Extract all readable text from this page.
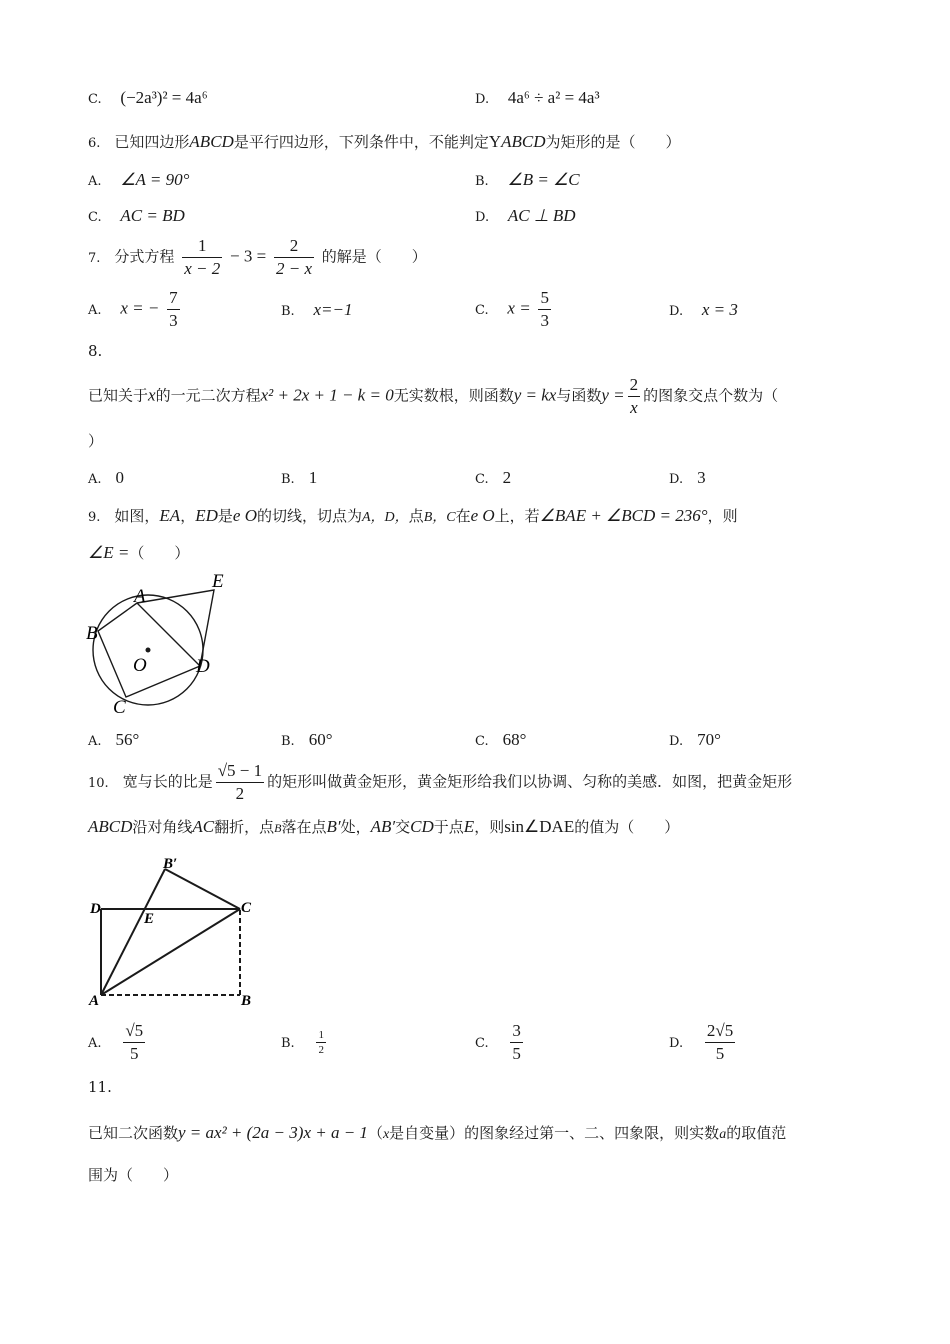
C. (−2a³)² = 4a⁶	D. 4a⁶ ÷ a² = 4a³
6. 已知四边形ABCD是平行四边形，下列条件中，不能判定YABCD为矩形的是（　　）
A. ∠A = 90°	B. ∠B = ∠C
C. AC = BD	D. AC ⊥ BD
7. 分式方程 $\frac{1}{x - 2} - 3 = \frac{2}{2 - x}$ 的解是（　　）
A. x = − $\frac{7}{3}$	B. x=−1	C. $x = \frac{5}{3}$	D. x = 3
8.
已知关于x的一元二次方程x² + 2x + 1 − k = 0无实数根，则函数y = kx与函数$y = \frac{2}{x}$ 的图象交点个数为（
）
A. 0	B. 1	C. 2	D. 3
9. 如图，EA，ED是e O的切线，切点为A，D，点B，C在e O上，若∠BAE + ∠BCD = 236°，则
∠E =（　　）
A
B
C
D
E
O
A. 56°	B. 60°	C. 68°	D. 70°
10. 宽与长的比是 $\frac{√5 - 1}{2}$ 的矩形叫做黄金矩形，黄金矩形给我们以协调、匀称的美感．如图，把黄金矩形
ABCD沿对角线AC翻折，点B落在点B′处，AB′交CD于点E，则sin∠DAE的值为（　　）
D
E
C
A	B
B′
A. $\frac{√5}{5}$	B. $\frac{1}{2}$	C. $\frac{3}{5}$	D. $\frac{2√5}{5}$
11.
已知二次函数y = ax² + (2a − 3)x + a − 1（x是自变量）的图象经过第一、二、四象限，则实数a的取值范
围为（　　）
